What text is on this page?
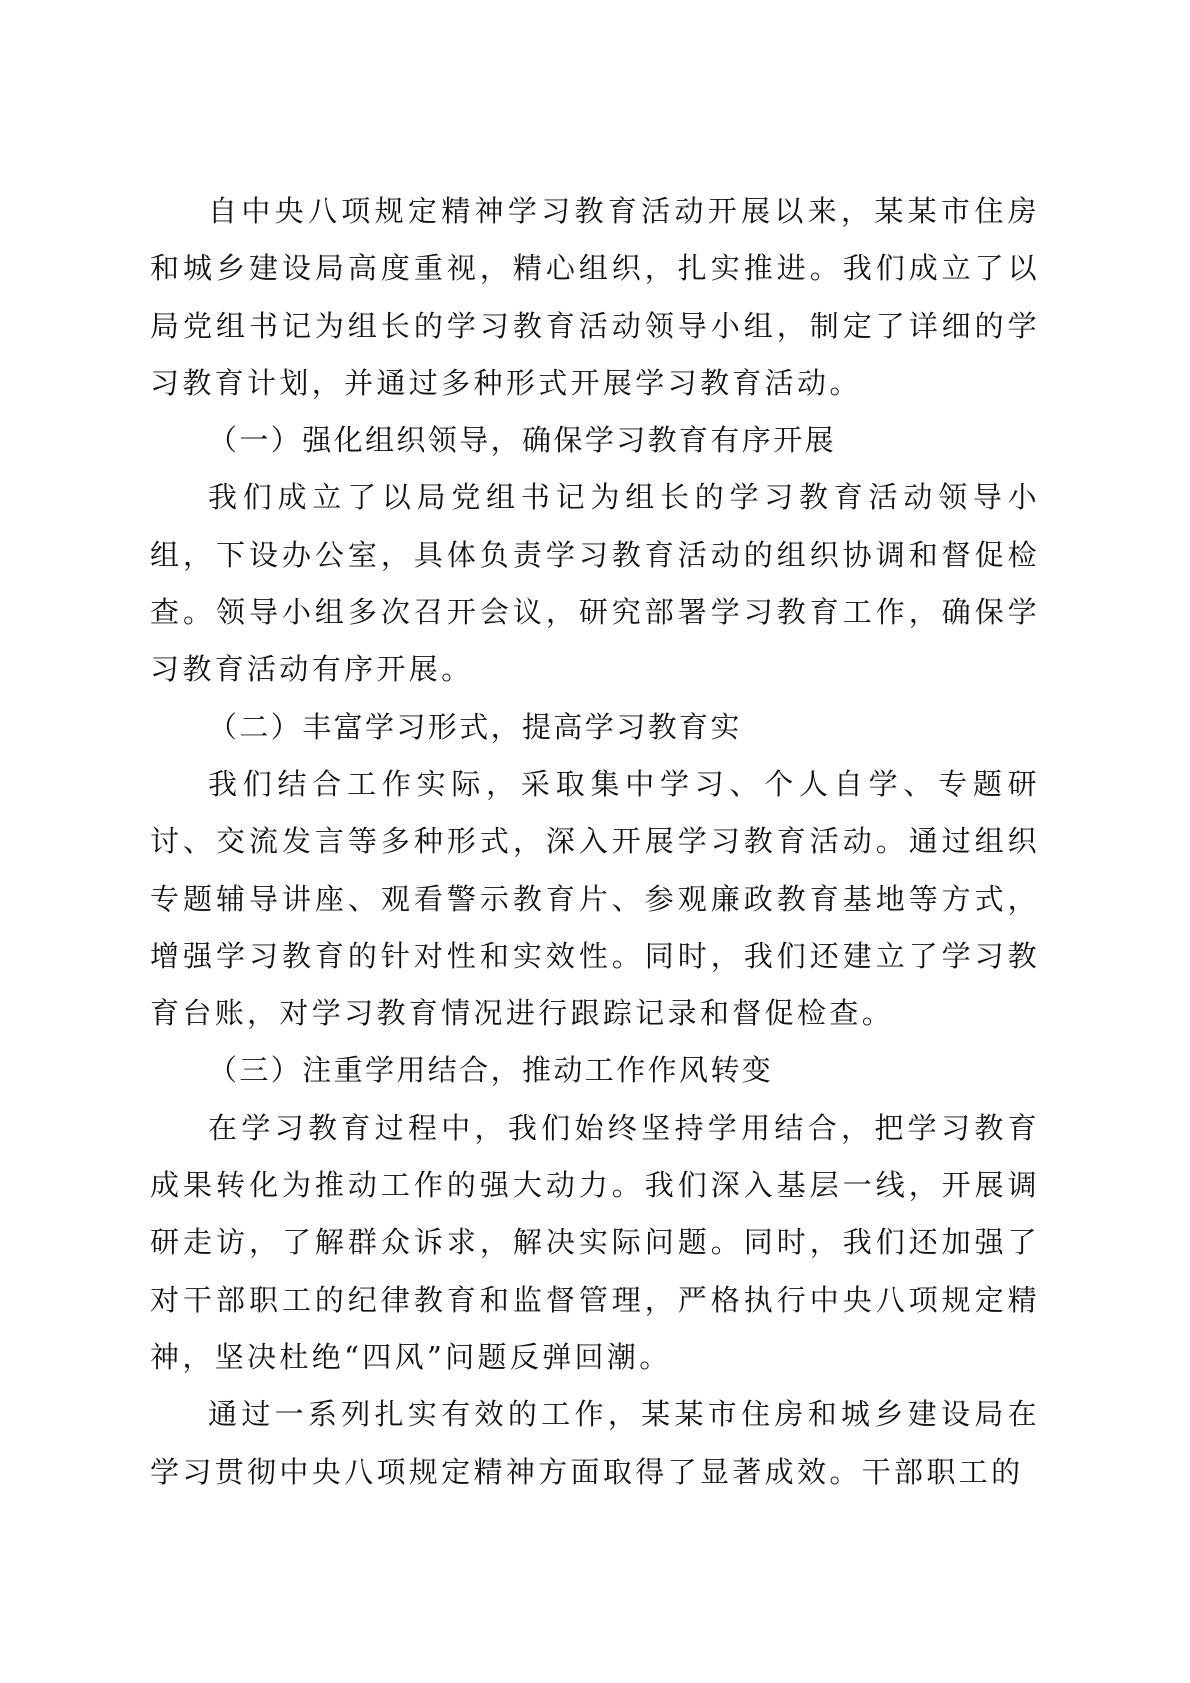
自中央八项规定精神学习教育活动开展以来，某某市住房和城乡建设局高度重视，精心组织，扎实推进。我们成立了以局党组书记为组长的学习教育活动领导小组，制定了详细的学习教育计划，并通过多种形式开展学习教育活动。

（一）强化组织领导，确保学习教育有序开展

我们成立了以局党组书记为组长的学习教育活动领导小组，下设办公室，具体负责学习教育活动的组织协调和督促检查。领导小组多次召开会议，研究部署学习教育工作，确保学习教育活动有序开展。

（二）丰富学习形式，提高学习教育实

我们结合工作实际，采取集中学习、个人自学、专题研讨、交流发言等多种形式，深入开展学习教育活动。通过组织专题辅导讲座、观看警示教育片、参观廉政教育基地等方式，增强学习教育的针对性和实效性。同时，我们还建立了学习教育台账，对学习教育情况进行跟踪记录和督促检查。

（三）注重学用结合，推动工作作风转变

在学习教育过程中，我们始终坚持学用结合，把学习教育成果转化为推动工作的强大动力。我们深入基层一线，开展调研走访，了解群众诉求，解决实际问题。同时，我们还加强了对干部职工的纪律教育和监督管理，严格执行中央八项规定精神，坚决杜绝“四风”问题反弹回潮。

通过一系列扎实有效的工作，某某市住房和城乡建设局在学习贯彻中央八项规定精神方面取得了显著成效。干部职工的
